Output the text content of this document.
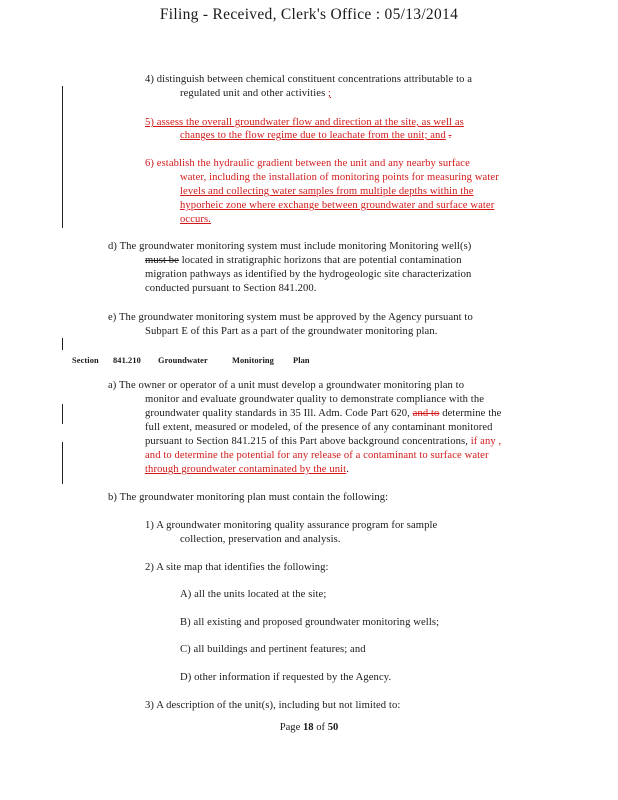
Filing - Received, Clerk's Office : 05/13/2014
4) distinguish between chemical constituent concentrations attributable to a
regulated unit and other activities ;
5) assess the overall groundwater flow and direction at the site, as well as
changes to the flow regime due to leachate from the unit; and .
6) establish the hydraulic gradient between the unit and any nearby surface
water, including the installation of monitoring points for measuring water
levels and collecting water samples from multiple depths within the
hyporheic zone where exchange between groundwater and surface water
occurs.
d) The groundwater monitoring system must include monitoring Monitoring well(s)
must be located in stratigraphic horizons that are potential contamination
migration pathways as identified by the hydrogeologic site characterization
conducted pursuant to Section 841.200.
e) The groundwater monitoring system must be approved by the Agency pursuant to
Subpart E of this Part as a part of the groundwater monitoring plan.
Section 841.210 Groundwater	Monitoring Plan
a) The owner or operator of a unit must develop a groundwater monitoring plan to
monitor and evaluate groundwater quality to demonstrate compliance with the
groundwater quality standards in 35 Ill. Adm. Code Part 620, and to determine the
full extent, measured or modeled, of the presence of any contaminant monitored
pursuant to Section 841.215 of this Part above background concentrations, if any ,
and to determine the potential for any release of a contaminant to surface water
through groundwater contaminated by the unit.
b) The groundwater monitoring plan must contain the following:
1) A groundwater monitoring quality assurance program for sample
collection, preservation and analysis.
2) A site map that identifies the following:
A) all the units located at the site;
B) all existing and proposed groundwater monitoring wells;
C) all buildings and pertinent features; and
D) other information if requested by the Agency.
3) A description of the unit(s), including but not limited to:
Page 18 of 50
